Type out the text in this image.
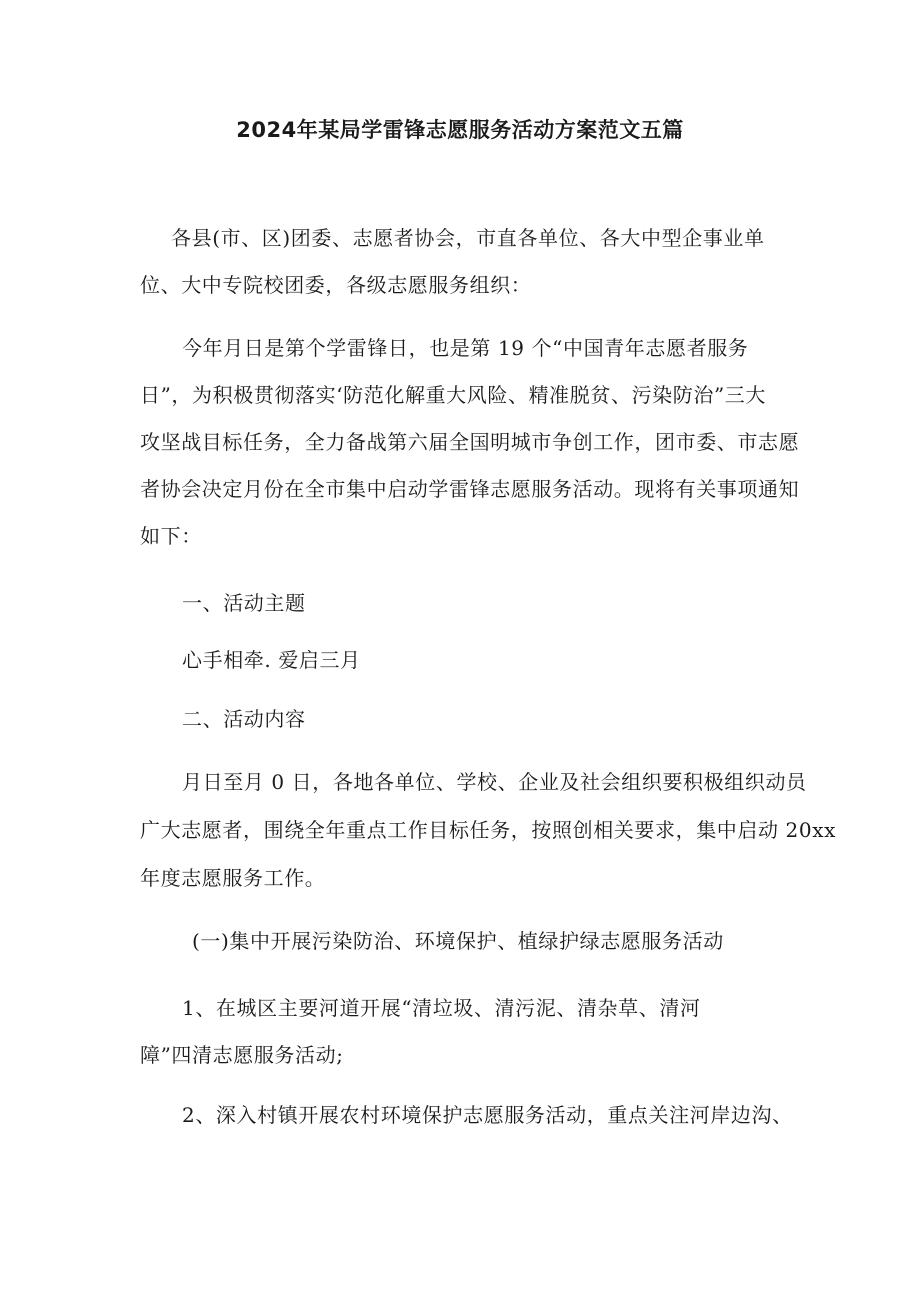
2024年某局学雷锋志愿服务活动方案范文五篇
各县(市、区)团委、志愿者协会，市直各单位、各大中型企事业单
位、大中专院校团委，各级志愿服务组织：
今年月日是第个学雷锋日，也是第 19 个“中国青年志愿者服务
日”，为积极贯彻落实‘防范化解重大风险、精准脱贫、污染防治”三大
攻坚战目标任务，全力备战第六届全国明城市争创工作，团市委、市志愿
者协会决定月份在全市集中启动学雷锋志愿服务活动。现将有关事项通知
如下：
一、活动主题
心手相牵. 爱启三月
二、活动内容
月日至月 0 日，各地各单位、学校、企业及社会组织要积极组织动员
广大志愿者，围绕全年重点工作目标任务，按照创相关要求，集中启动 20xx
年度志愿服务工作。
(一)集中开展污染防治、环境保护、植绿护绿志愿服务活动
1、在城区主要河道开展“清垃圾、清污泥、清杂草、清河
障”四清志愿服务活动;
2、深入村镇开展农村环境保护志愿服务活动，重点关注河岸边沟、
